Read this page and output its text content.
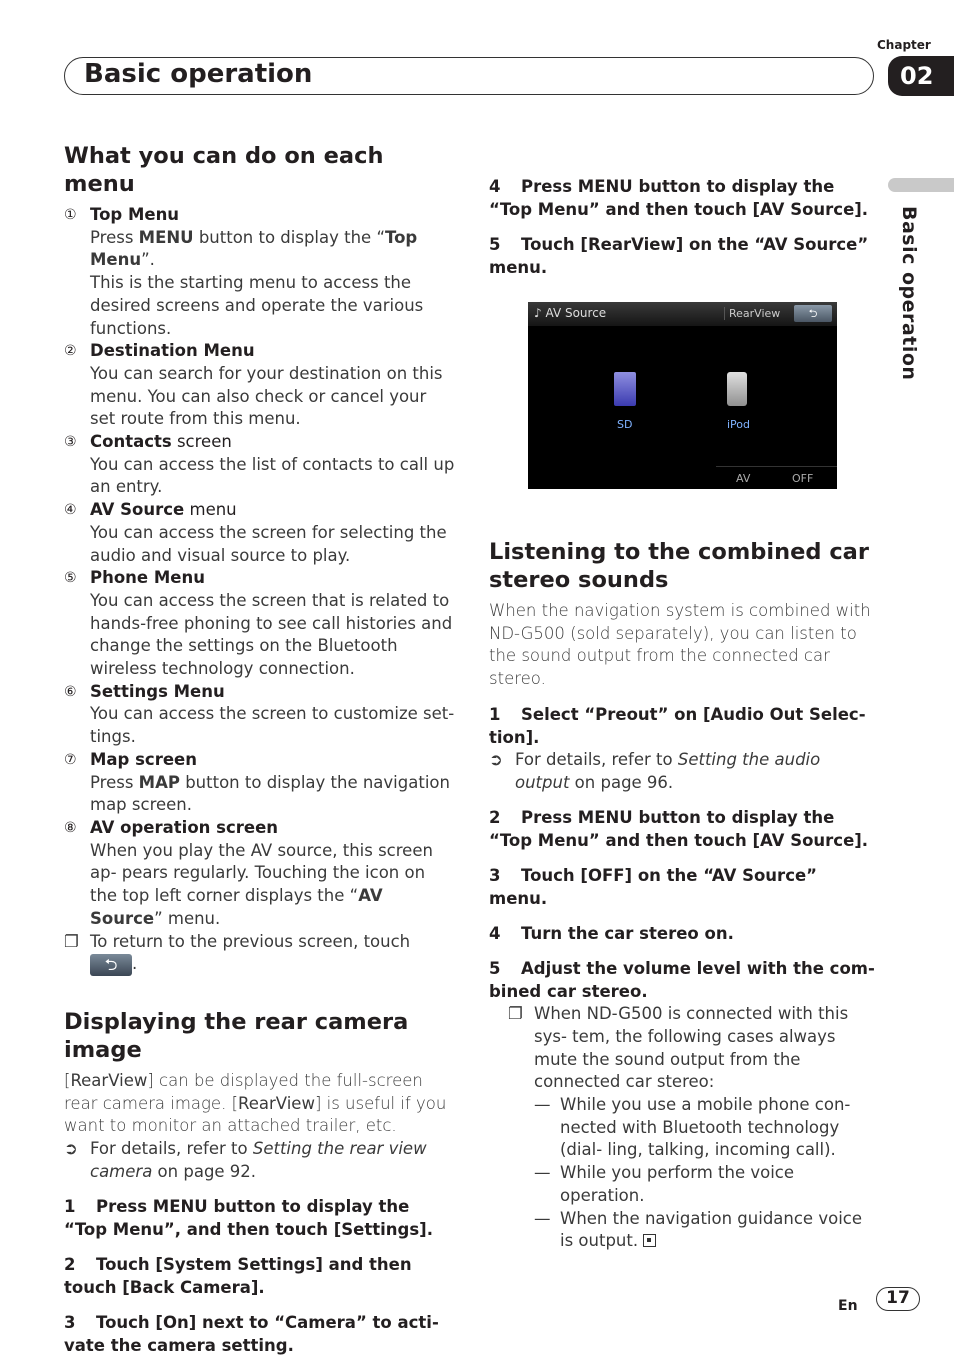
Chapter
Basic operation	02
Basic operation
What you can do on each menu
① Top Menu
Press MENU button to display the “Top Menu”.
This is the starting menu to access the desired screens and operate the various functions.
② Destination Menu
You can search for your destination on this menu. You can also check or cancel your set route from this menu.
③ Contacts screen
You can access the list of contacts to call up an entry.
④ AV Source menu
You can access the screen for selecting the audio and visual source to play.
⑤ Phone Menu
You can access the screen that is related to hands-free phoning to see call histories and change the settings on the Bluetooth wireless technology connection.
⑥ Settings Menu
You can access the screen to customize set- tings.
⑦ Map screen
Press MAP button to display the navigation map screen.
⑧ AV operation screen
When you play the AV source, this screen ap- pears regularly. Touching the icon on the top left corner displays the “AV Source” menu.
❐ To return to the previous screen, touch
⮌ .
Displaying the rear camera image
[RearView] can be displayed the full-screen rear camera image. [RearView] is useful if you want to monitor an attached trailer, etc.
➲ For details, refer to Setting the rear view camera on page 92.
1 Press MENU button to display the “Top Menu”, and then touch [Settings].
2 Touch [System Settings] and then touch [Back Camera].
3 Touch [On] next to “Camera” to acti- vate the camera setting.
4 Press MENU button to display the “Top Menu” and then touch [AV Source].
5 Touch [RearView] on the “AV Source” menu.
♪ AV Source	RearView	⮌
SD	iPod
AV	OFF
Listening to the combined car stereo sounds
When the navigation system is combined with ND-G500 (sold separately), you can listen to the sound output from the connected car stereo.
1 Select “Preout” on [Audio Out Selec- tion].
➲ For details, refer to Setting the audio output on page 96.
2 Press MENU button to display the “Top Menu” and then touch [AV Source].
3 Touch [OFF] on the “AV Source” menu.
4 Turn the car stereo on.
5 Adjust the volume level with the com- bined car stereo.
❐ When ND-G500 is connected with this sys- tem, the following cases always mute the sound output from the connected car stereo:
— While you use a mobile phone con- nected with Bluetooth technology (dial- ling, talking, incoming call).
— While you perform the voice operation.
— When the navigation guidance voice is output.
En	17
